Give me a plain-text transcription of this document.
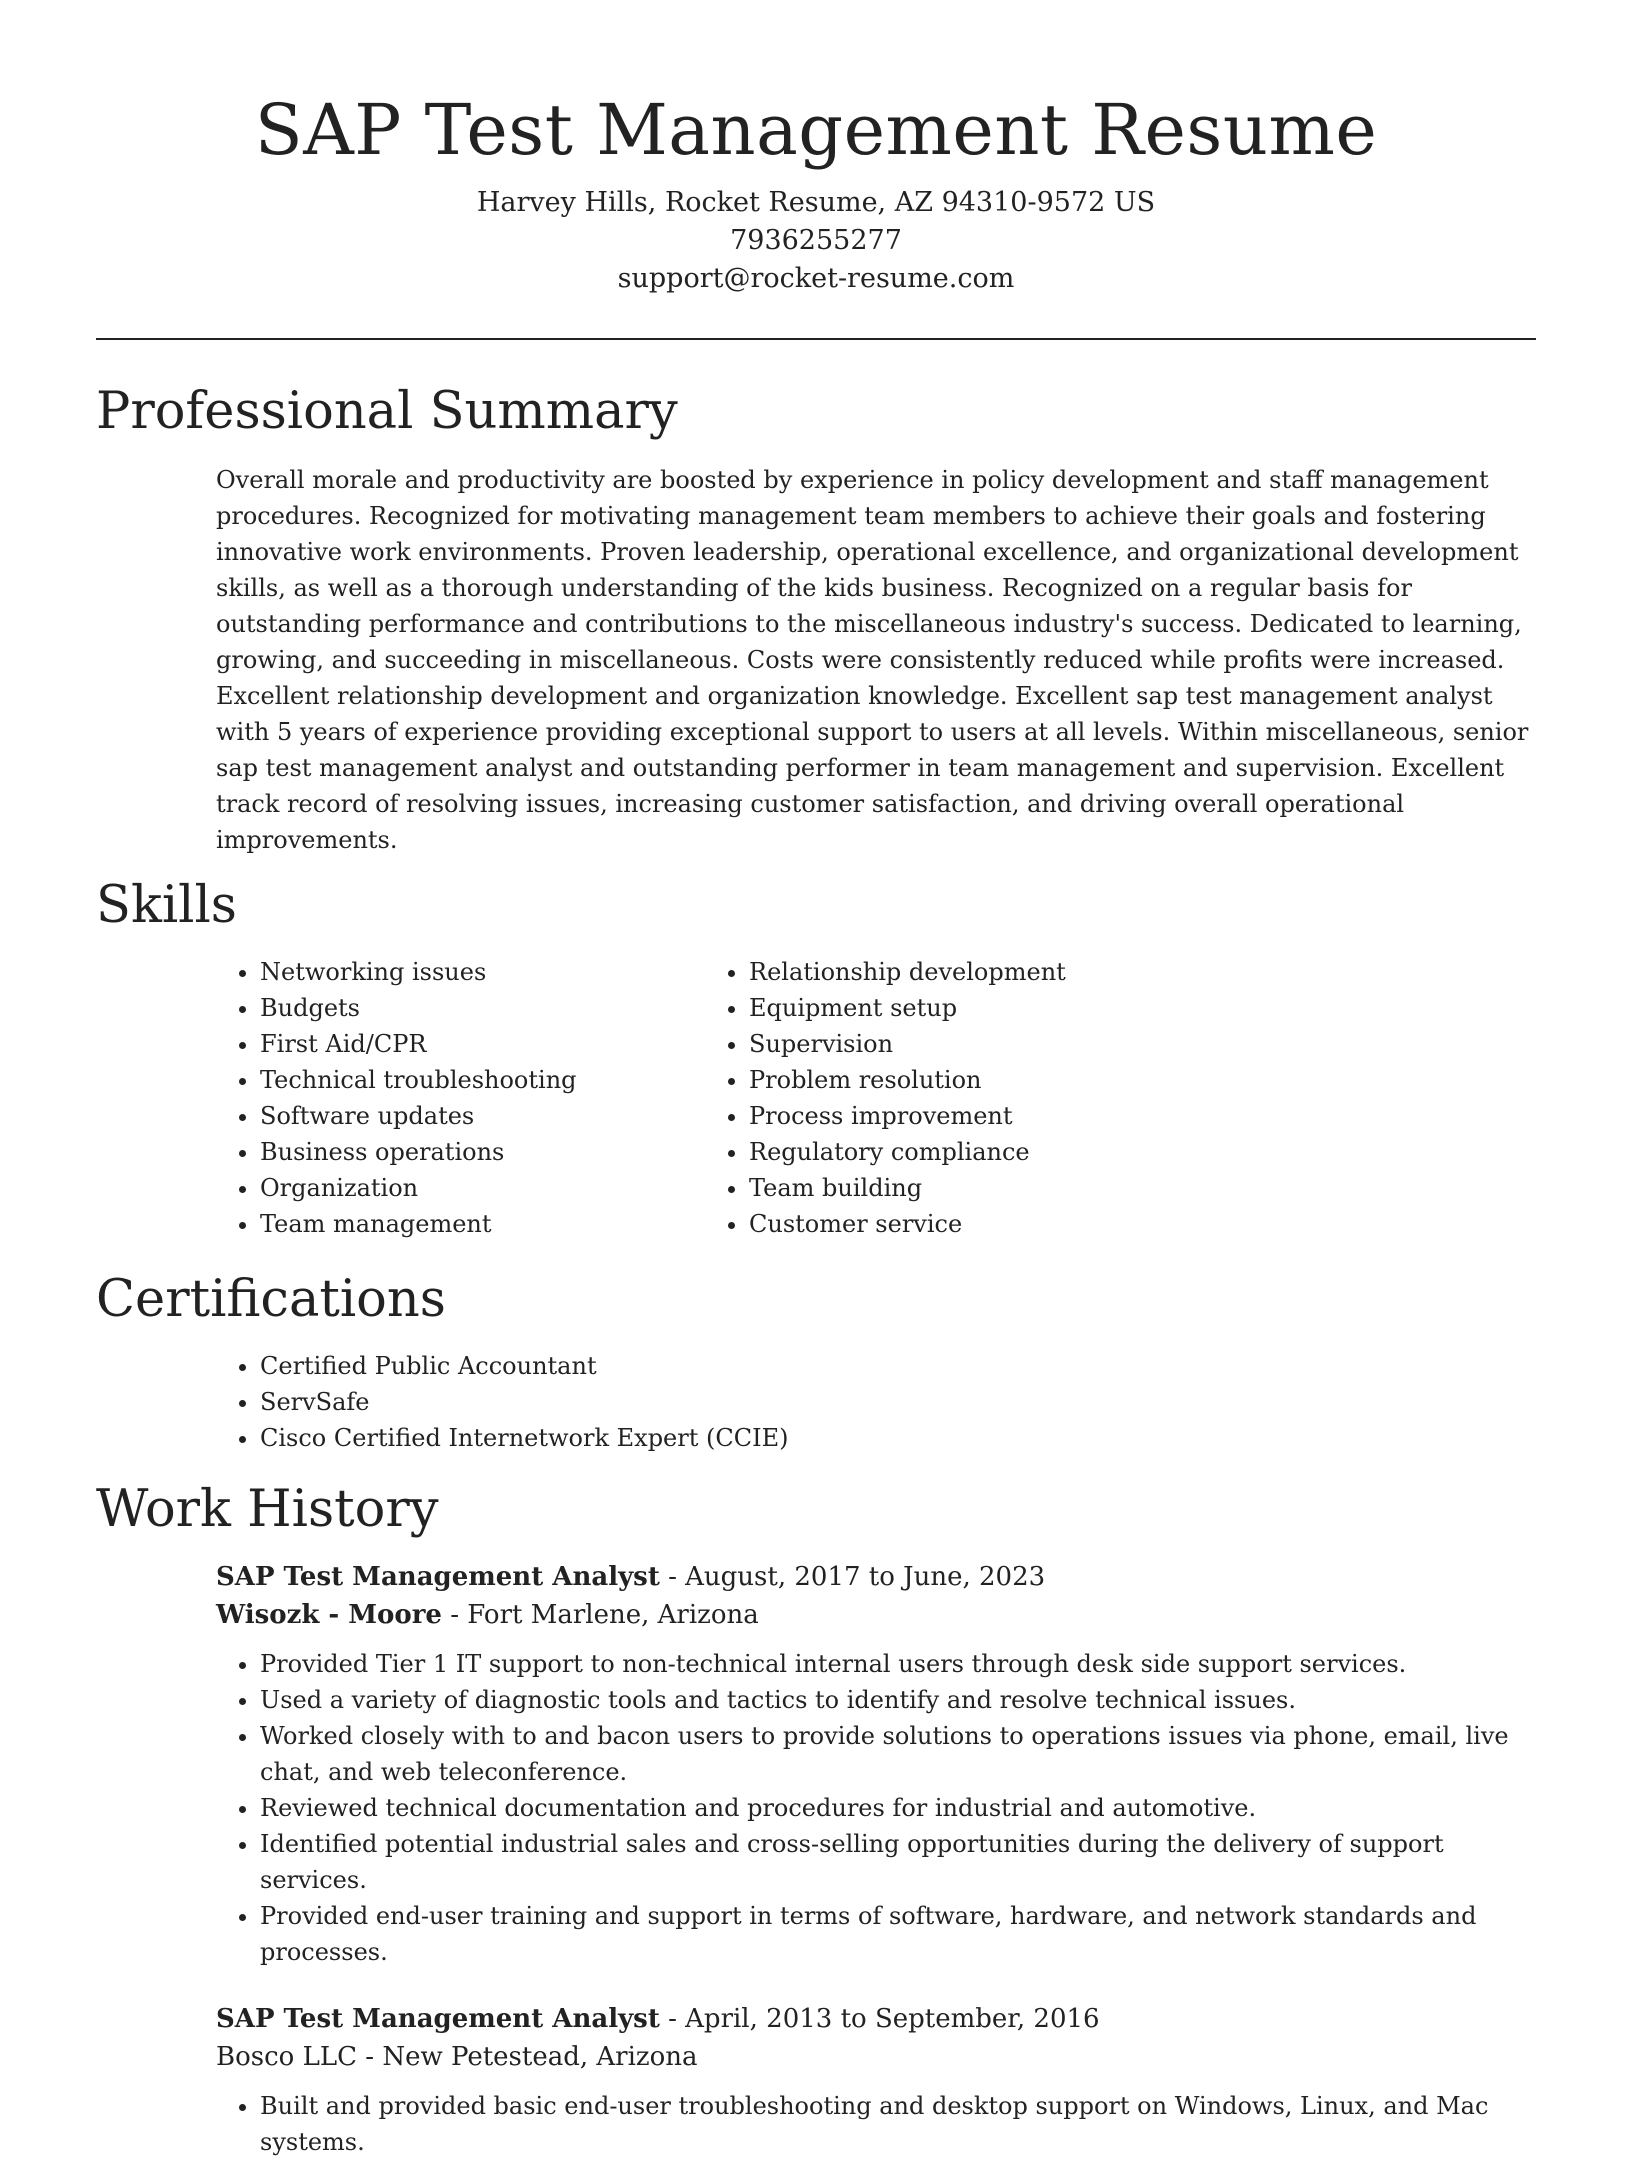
SAP Test Management Resume
Harvey Hills, Rocket Resume, AZ 94310-9572 US
7936255277
support@rocket-resume.com
Professional Summary

Overall morale and productivity are boosted by experience in policy development and staff management procedures. Recognized for motivating management team members to achieve their goals and fostering innovative work environments. Proven leadership, operational excellence, and organizational development skills, as well as a thorough understanding of the kids business. Recognized on a regular basis for outstanding performance and contributions to the miscellaneous industry's success. Dedicated to learning, growing, and succeeding in miscellaneous. Costs were consistently reduced while profits were increased. Excellent relationship development and organization knowledge. Excellent sap test management analyst with 5 years of experience providing exceptional support to users at all levels. Within miscellaneous, senior sap test management analyst and outstanding performer in team management and supervision. Excellent track record of resolving issues, increasing customer satisfaction, and driving overall operational improvements.

Skills
• Networking issues
• Budgets
• First Aid/CPR
• Technical troubleshooting
• Software updates
• Business operations
• Organization
• Team management
• Relationship development
• Equipment setup
• Supervision
• Problem resolution
• Process improvement
• Regulatory compliance
• Team building
• Customer service
Certifications
• Certified Public Accountant
• ServSafe
• Cisco Certified Internetwork Expert (CCIE)
Work History
SAP Test Management Analyst - August, 2017 to June, 2023
Wisozk - Moore - Fort Marlene, Arizona
• Provided Tier 1 IT support to non-technical internal users through desk side support services.
• Used a variety of diagnostic tools and tactics to identify and resolve technical issues.
• Worked closely with to and bacon users to provide solutions to operations issues via phone, email, live chat, and web teleconference.
• Reviewed technical documentation and procedures for industrial and automotive.
• Identified potential industrial sales and cross-selling opportunities during the delivery of support services.
• Provided end-user training and support in terms of software, hardware, and network standards and processes.
SAP Test Management Analyst - April, 2013 to September, 2016
Bosco LLC - New Petestead, Arizona
• Built and provided basic end-user troubleshooting and desktop support on Windows, Linux, and Mac systems.
